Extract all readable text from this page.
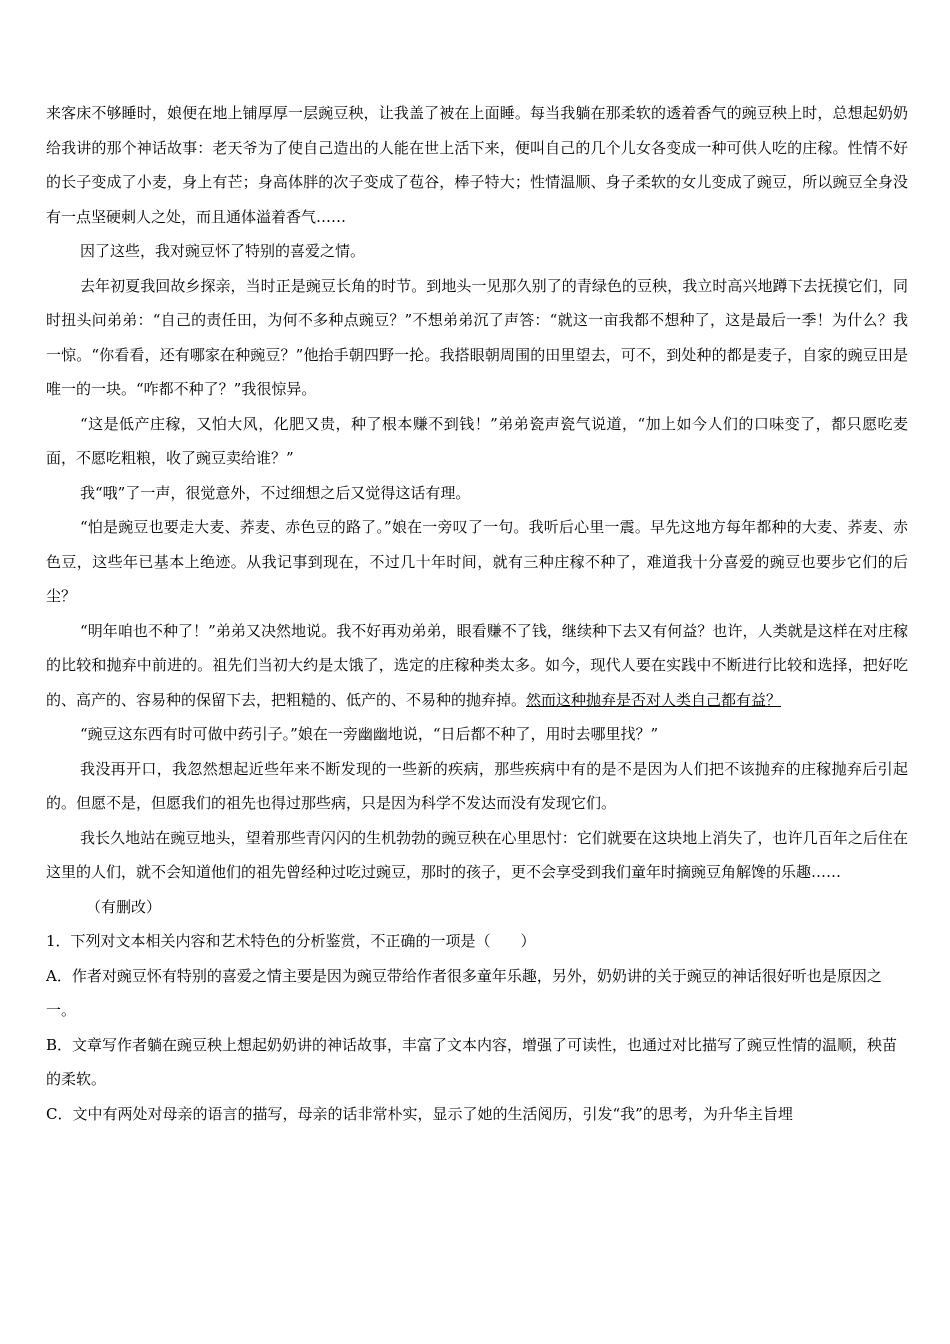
来客床不够睡时，娘便在地上铺厚厚一层豌豆秧，让我盖了被在上面睡。每当我躺在那柔软的透着香气的豌豆秧上时，总想起奶奶给我讲的那个神话故事：老天爷为了使自己造出的人能在世上活下来，便叫自己的几个儿女各变成一种可供人吃的庄稼。性情不好的长子变成了小麦，身上有芒；身高体胖的次子变成了苞谷，棒子特大；性情温顺、身子柔软的女儿变成了豌豆，所以豌豆全身没有一点坚硬刺人之处，而且通体溢着香气……

因了这些，我对豌豆怀了特别的喜爱之情。

去年初夏我回故乡探亲，当时正是豌豆长角的时节。到地头一见那久别了的青绿色的豆秧，我立时高兴地蹲下去抚摸它们，同时扭头问弟弟：“自己的责任田，为何不多种点豌豆？”不想弟弟沉了声答：“就这一亩我都不想种了，这是最后一季！为什么？我一惊。“你看看，还有哪家在种豌豆？”他抬手朝四野一抡。我搭眼朝周围的田里望去，可不，到处种的都是麦子，自家的豌豆田是唯一的一块。“咋都不种了？”我很惊异。

“这是低产庄稼，又怕大风，化肥又贵，种了根本赚不到钱！”弟弟瓷声瓷气说道，“加上如今人们的口味变了，都只愿吃麦面，不愿吃粗粮，收了豌豆卖给谁？”

我“哦”了一声，很觉意外，不过细想之后又觉得这话有理。

“怕是豌豆也要走大麦、荞麦、赤色豆的路了。”娘在一旁叹了一句。我听后心里一震。早先这地方每年都种的大麦、荞麦、赤色豆，这些年已基本上绝迹。从我记事到现在，不过几十年时间，就有三种庄稼不种了，难道我十分喜爱的豌豆也要步它们的后尘？

“明年咱也不种了！”弟弟又决然地说。我不好再劝弟弟，眼看赚不了钱，继续种下去又有何益？也许，人类就是这样在对庄稼的比较和抛弃中前进的。祖先们当初大约是太饿了，选定的庄稼种类太多。如今，现代人要在实践中不断进行比较和选择，把好吃的、高产的、容易种的保留下去，把粗糙的、低产的、不易种的抛弃掉。然而这种抛弃是否对人类自己都有益？

“豌豆这东西有时可做中药引子。”娘在一旁幽幽地说，“日后都不种了，用时去哪里找？”

我没再开口，我忽然想起近些年来不断发现的一些新的疾病，那些疾病中有的是不是因为人们把不该抛弃的庄稼抛弃后引起的。但愿不是，但愿我们的祖先也得过那些病，只是因为科学不发达而没有发现它们。

我长久地站在豌豆地头，望着那些青闪闪的生机勃勃的豌豆秧在心里思忖：它们就要在这块地上消失了，也许几百年之后住在这里的人们，就不会知道他们的祖先曾经种过吃过豌豆，那时的孩子，更不会享受到我们童年时摘豌豆角解馋的乐趣……

（有删改）

1．下列对文本相关内容和艺术特色的分析鉴赏，不正确的一项是（　　）

A．作者对豌豆怀有特别的喜爱之情主要是因为豌豆带给作者很多童年乐趣，另外，奶奶讲的关于豌豆的神话很好听也是原因之一。

B．文章写作者躺在豌豆秧上想起奶奶讲的神话故事，丰富了文本内容，增强了可读性，也通过对比描写了豌豆性情的温顺，秧苗的柔软。

C．文中有两处对母亲的语言的描写，母亲的话非常朴实，显示了她的生活阅历，引发“我”的思考，为升华主旨埋
